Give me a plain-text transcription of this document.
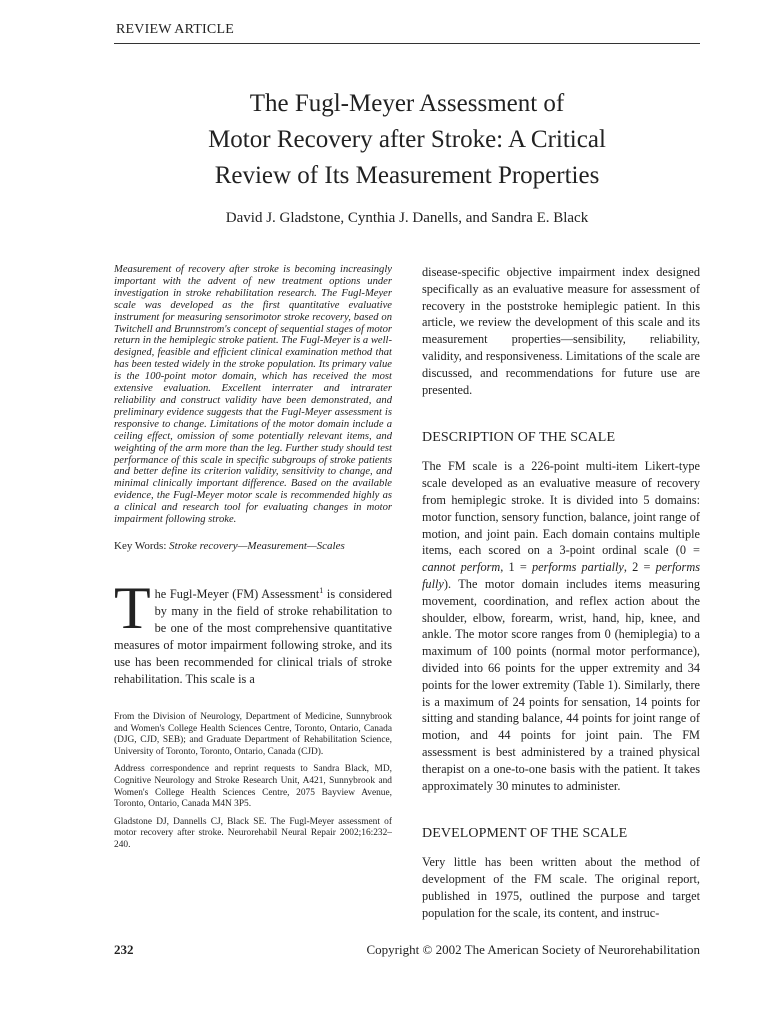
REVIEW ARTICLE
The Fugl-Meyer Assessment of
Motor Recovery after Stroke: A Critical
Review of Its Measurement Properties
David J. Gladstone, Cynthia J. Danells, and Sandra E. Black

Measurement of recovery after stroke is becoming increasingly important with the advent of new treatment options under investigation in stroke rehabilitation research. The Fugl-Meyer scale was developed as the first quantitative evaluative instrument for measuring sensorimotor stroke recovery, based on Twitchell and Brunnstrom's concept of sequential stages of motor return in the hemiplegic stroke patient. The Fugl-Meyer is a well-designed, feasible and efficient clinical examination method that has been tested widely in the stroke population. Its primary value is the 100-point motor domain, which has received the most extensive evaluation. Excellent interrater and intrarater reliability and construct validity have been demonstrated, and preliminary evidence suggests that the Fugl-Meyer assessment is responsive to change. Limitations of the motor domain include a ceiling effect, omission of some potentially relevant items, and weighting of the arm more than the leg. Further study should test performance of this scale in specific subgroups of stroke patients and better define its criterion validity, sensitivity to change, and minimal clinically important difference. Based on the available evidence, the Fugl-Meyer motor scale is recommended highly as a clinical and research tool for evaluating changes in motor impairment following stroke.

Key Words: Stroke recovery—Measurement—Scales

The Fugl-Meyer (FM) Assessment$^1$ is considered by many in the field of stroke rehabilitation to be one of the most comprehensive quantitative measures of motor impairment following stroke, and its use has been recommended for clinical trials of stroke rehabilitation. This scale is a

From the Division of Neurology, Department of Medicine, Sunnybrook and Women's College Health Sciences Centre, Toronto, Ontario, Canada (DJG, CJD, SEB); and Graduate Department of Rehabilitation Science, University of Toronto, Toronto, Ontario, Canada (CJD).

Address correspondence and reprint requests to Sandra Black, MD, Cognitive Neurology and Stroke Research Unit, A421, Sunnybrook and Women's College Health Sciences Centre, 2075 Bayview Avenue, Toronto, Ontario, Canada M4N 3P5.

Gladstone DJ, Dannells CJ, Black SE. The Fugl-Meyer assessment of motor recovery after stroke. Neurorehabil Neural Repair 2002;16:232–240.

disease-specific objective impairment index designed specifically as an evaluative measure for assessment of recovery in the poststroke hemiplegic patient. In this article, we review the development of this scale and its measurement properties—sensibility, reliability, validity, and responsiveness. Limitations of the scale are discussed, and recommendations for future use are presented.

DESCRIPTION OF THE SCALE

The FM scale is a 226-point multi-item Likert-type scale developed as an evaluative measure of recovery from hemiplegic stroke. It is divided into 5 domains: motor function, sensory function, balance, joint range of motion, and joint pain. Each domain contains multiple items, each scored on a 3-point ordinal scale (0 = cannot perform, 1 = performs partially, 2 = performs fully). The motor domain includes items measuring movement, coordination, and reflex action about the shoulder, elbow, forearm, wrist, hand, hip, knee, and ankle. The motor score ranges from 0 (hemiplegia) to a maximum of 100 points (normal motor performance), divided into 66 points for the upper extremity and 34 points for the lower extremity (Table 1). Similarly, there is a maximum of 24 points for sensation, 14 points for sitting and standing balance, 44 points for joint range of motion, and 44 points for joint pain. The FM assessment is best administered by a trained physical therapist on a one-to-one basis with the patient. It takes approximately 30 minutes to administer.

DEVELOPMENT OF THE SCALE

Very little has been written about the method of development of the FM scale. The original report, published in 1975, outlined the purpose and target population for the scale, its content, and instruc-

232	Copyright © 2002 The American Society of Neurorehabilitation
